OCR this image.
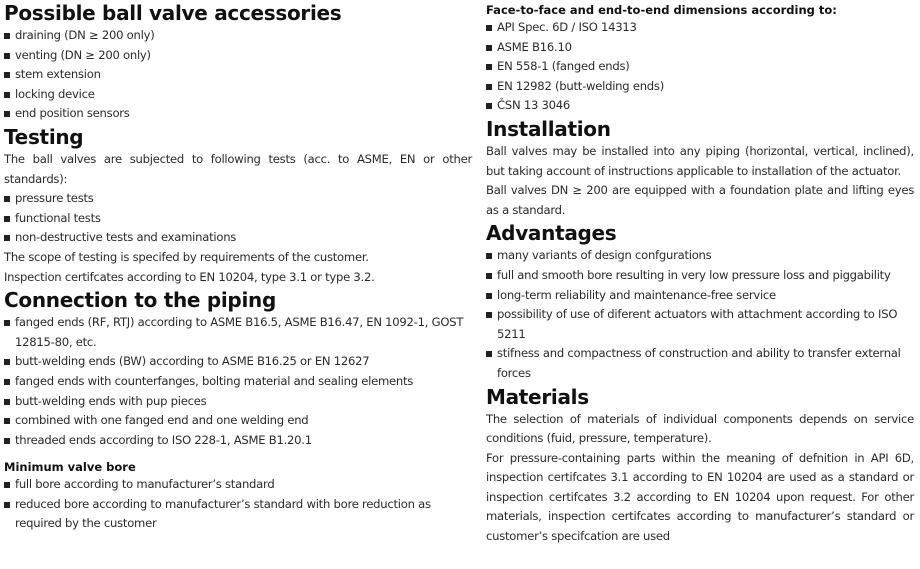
Possible ball valve accessories
draining (DN ≥ 200 only)
venting (DN ≥ 200 only)
stem extension
locking device
end position sensors
Testing

The ball valves are subjected to following tests (acc. to ASME, EN or other standards):

pressure tests
functional tests
non-destructive tests and examinations

The scope of testing is specifed by requirements of the customer.

Inspection certifcates according to EN 10204, type 3.1 or type 3.2.

Connection to the piping
fanged ends (RF, RTJ) according to ASME B16.5, ASME B16.47, EN 1092-1, GOST 12815-80, etc.
butt-welding ends (BW) according to ASME B16.25 or EN 12627
fanged ends with counterfanges, bolting material and sealing elements
butt-welding ends with pup pieces
combined with one fanged end and one welding end
threaded ends according to ISO 228-1, ASME B1.20.1
Minimum valve bore
full bore according to manufacturer’s standard
reduced bore according to manufacturer’s standard with bore reduction as required by the customer
Face-to-face and end-to-end dimensions according to:
API Spec. 6D / ISO 14313
ASME B16.10
EN 558-1 (fanged ends)
EN 12982 (butt-welding ends)
ČSN 13 3046
Installation

Ball valves may be installed into any piping (horizontal, vertical, inclined), but taking account of instructions applicable to installation of the actuator.

Ball valves DN ≥ 200 are equipped with a foundation plate and lifting eyes as a standard.

Advantages
many variants of design confgurations
full and smooth bore resulting in very low pressure loss and piggability
long-term reliability and maintenance-free service
possibility of use of diferent actuators with attachment according to ISO 5211
stifness and compactness of construction and ability to transfer external forces
Materials

The selection of materials of individual components depends on service conditions (fuid, pressure, temperature).

For pressure-containing parts within the meaning of defnition in API 6D, inspection certifcates 3.1 according to EN 10204 are used as a standard or inspection certifcates 3.2 according to EN 10204 upon request. For other materials, inspection certifcates according to manufacturer’s standard or customer’s specifcation are used
